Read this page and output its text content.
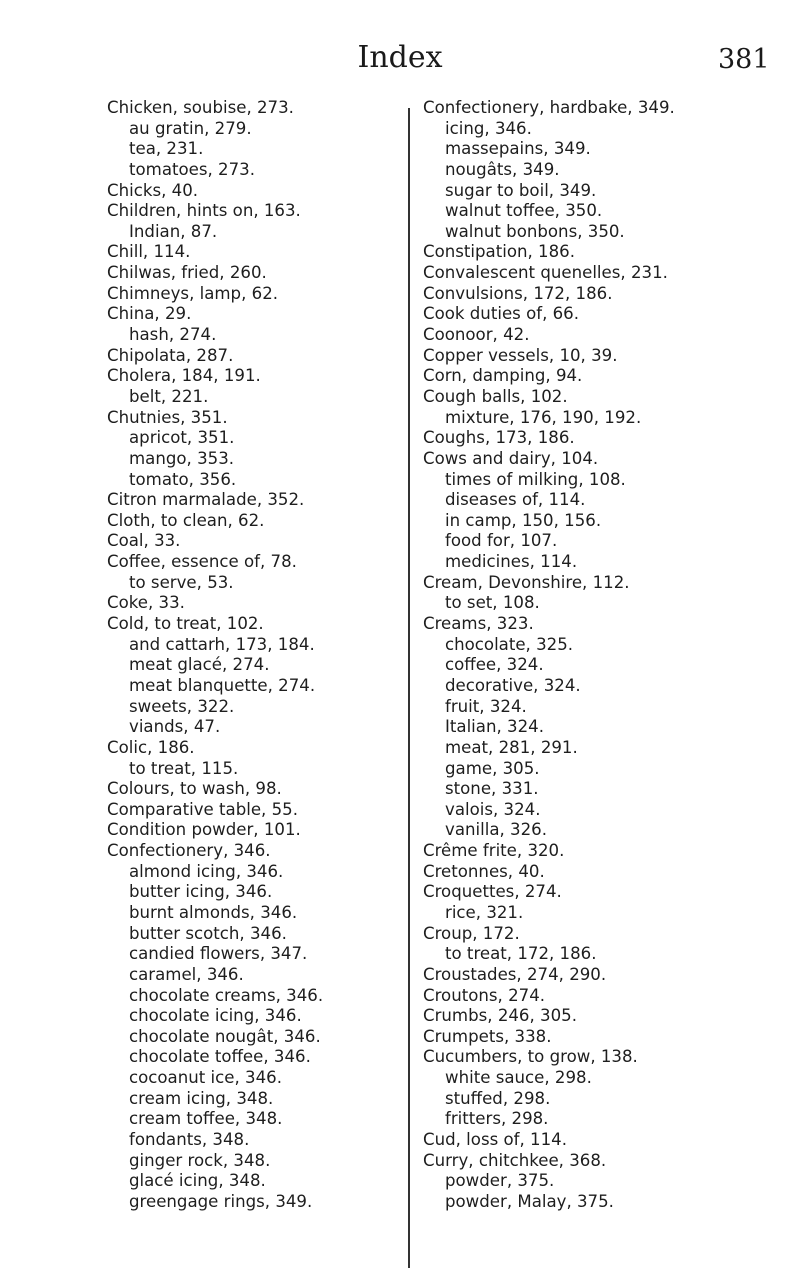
Index	381
Chicken, soubise, 273.
au gratin, 279.
tea, 231.
tomatoes, 273.
Chicks, 40.
Children, hints on, 163.
Indian, 87.
Chill, 114.
Chilwas, fried, 260.
Chimneys, lamp, 62.
China, 29.
hash, 274.
Chipolata, 287.
Cholera, 184, 191.
belt, 221.
Chutnies, 351.
apricot, 351.
mango, 353.
tomato, 356.
Citron marmalade, 352.
Cloth, to clean, 62.
Coal, 33.
Coffee, essence of, 78.
to serve, 53.
Coke, 33.
Cold, to treat, 102.
and cattarh, 173, 184.
meat glacé, 274.
meat blanquette, 274.
sweets, 322.
viands, 47.
Colic, 186.
to treat, 115.
Colours, to wash, 98.
Comparative table, 55.
Condition powder, 101.
Confectionery, 346.
almond icing, 346.
butter icing, 346.
burnt almonds, 346.
butter scotch, 346.
candied flowers, 347.
caramel, 346.
chocolate creams, 346.
chocolate icing, 346.
chocolate nougât, 346.
chocolate toffee, 346.
cocoanut ice, 346.
cream icing, 348.
cream toffee, 348.
fondants, 348.
ginger rock, 348.
glacé icing, 348.
greengage rings, 349.
Confectionery, hardbake, 349.
icing, 346.
massepains, 349.
nougâts, 349.
sugar to boil, 349.
walnut toffee, 350.
walnut bonbons, 350.
Constipation, 186.
Convalescent quenelles, 231.
Convulsions, 172, 186.
Cook duties of, 66.
Coonoor, 42.
Copper vessels, 10, 39.
Corn, damping, 94.
Cough balls, 102.
mixture, 176, 190, 192.
Coughs, 173, 186.
Cows and dairy, 104.
times of milking, 108.
diseases of, 114.
in camp, 150, 156.
food for, 107.
medicines, 114.
Cream, Devonshire, 112.
to set, 108.
Creams, 323.
chocolate, 325.
coffee, 324.
decorative, 324.
fruit, 324.
Italian, 324.
meat, 281, 291.
game, 305.
stone, 331.
valois, 324.
vanilla, 326.
Crême frite, 320.
Cretonnes, 40.
Croquettes, 274.
rice, 321.
Croup, 172.
to treat, 172, 186.
Croustades, 274, 290.
Croutons, 274.
Crumbs, 246, 305.
Crumpets, 338.
Cucumbers, to grow, 138.
white sauce, 298.
stuffed, 298.
fritters, 298.
Cud, loss of, 114.
Curry, chitchkee, 368.
powder, 375.
powder, Malay, 375.
